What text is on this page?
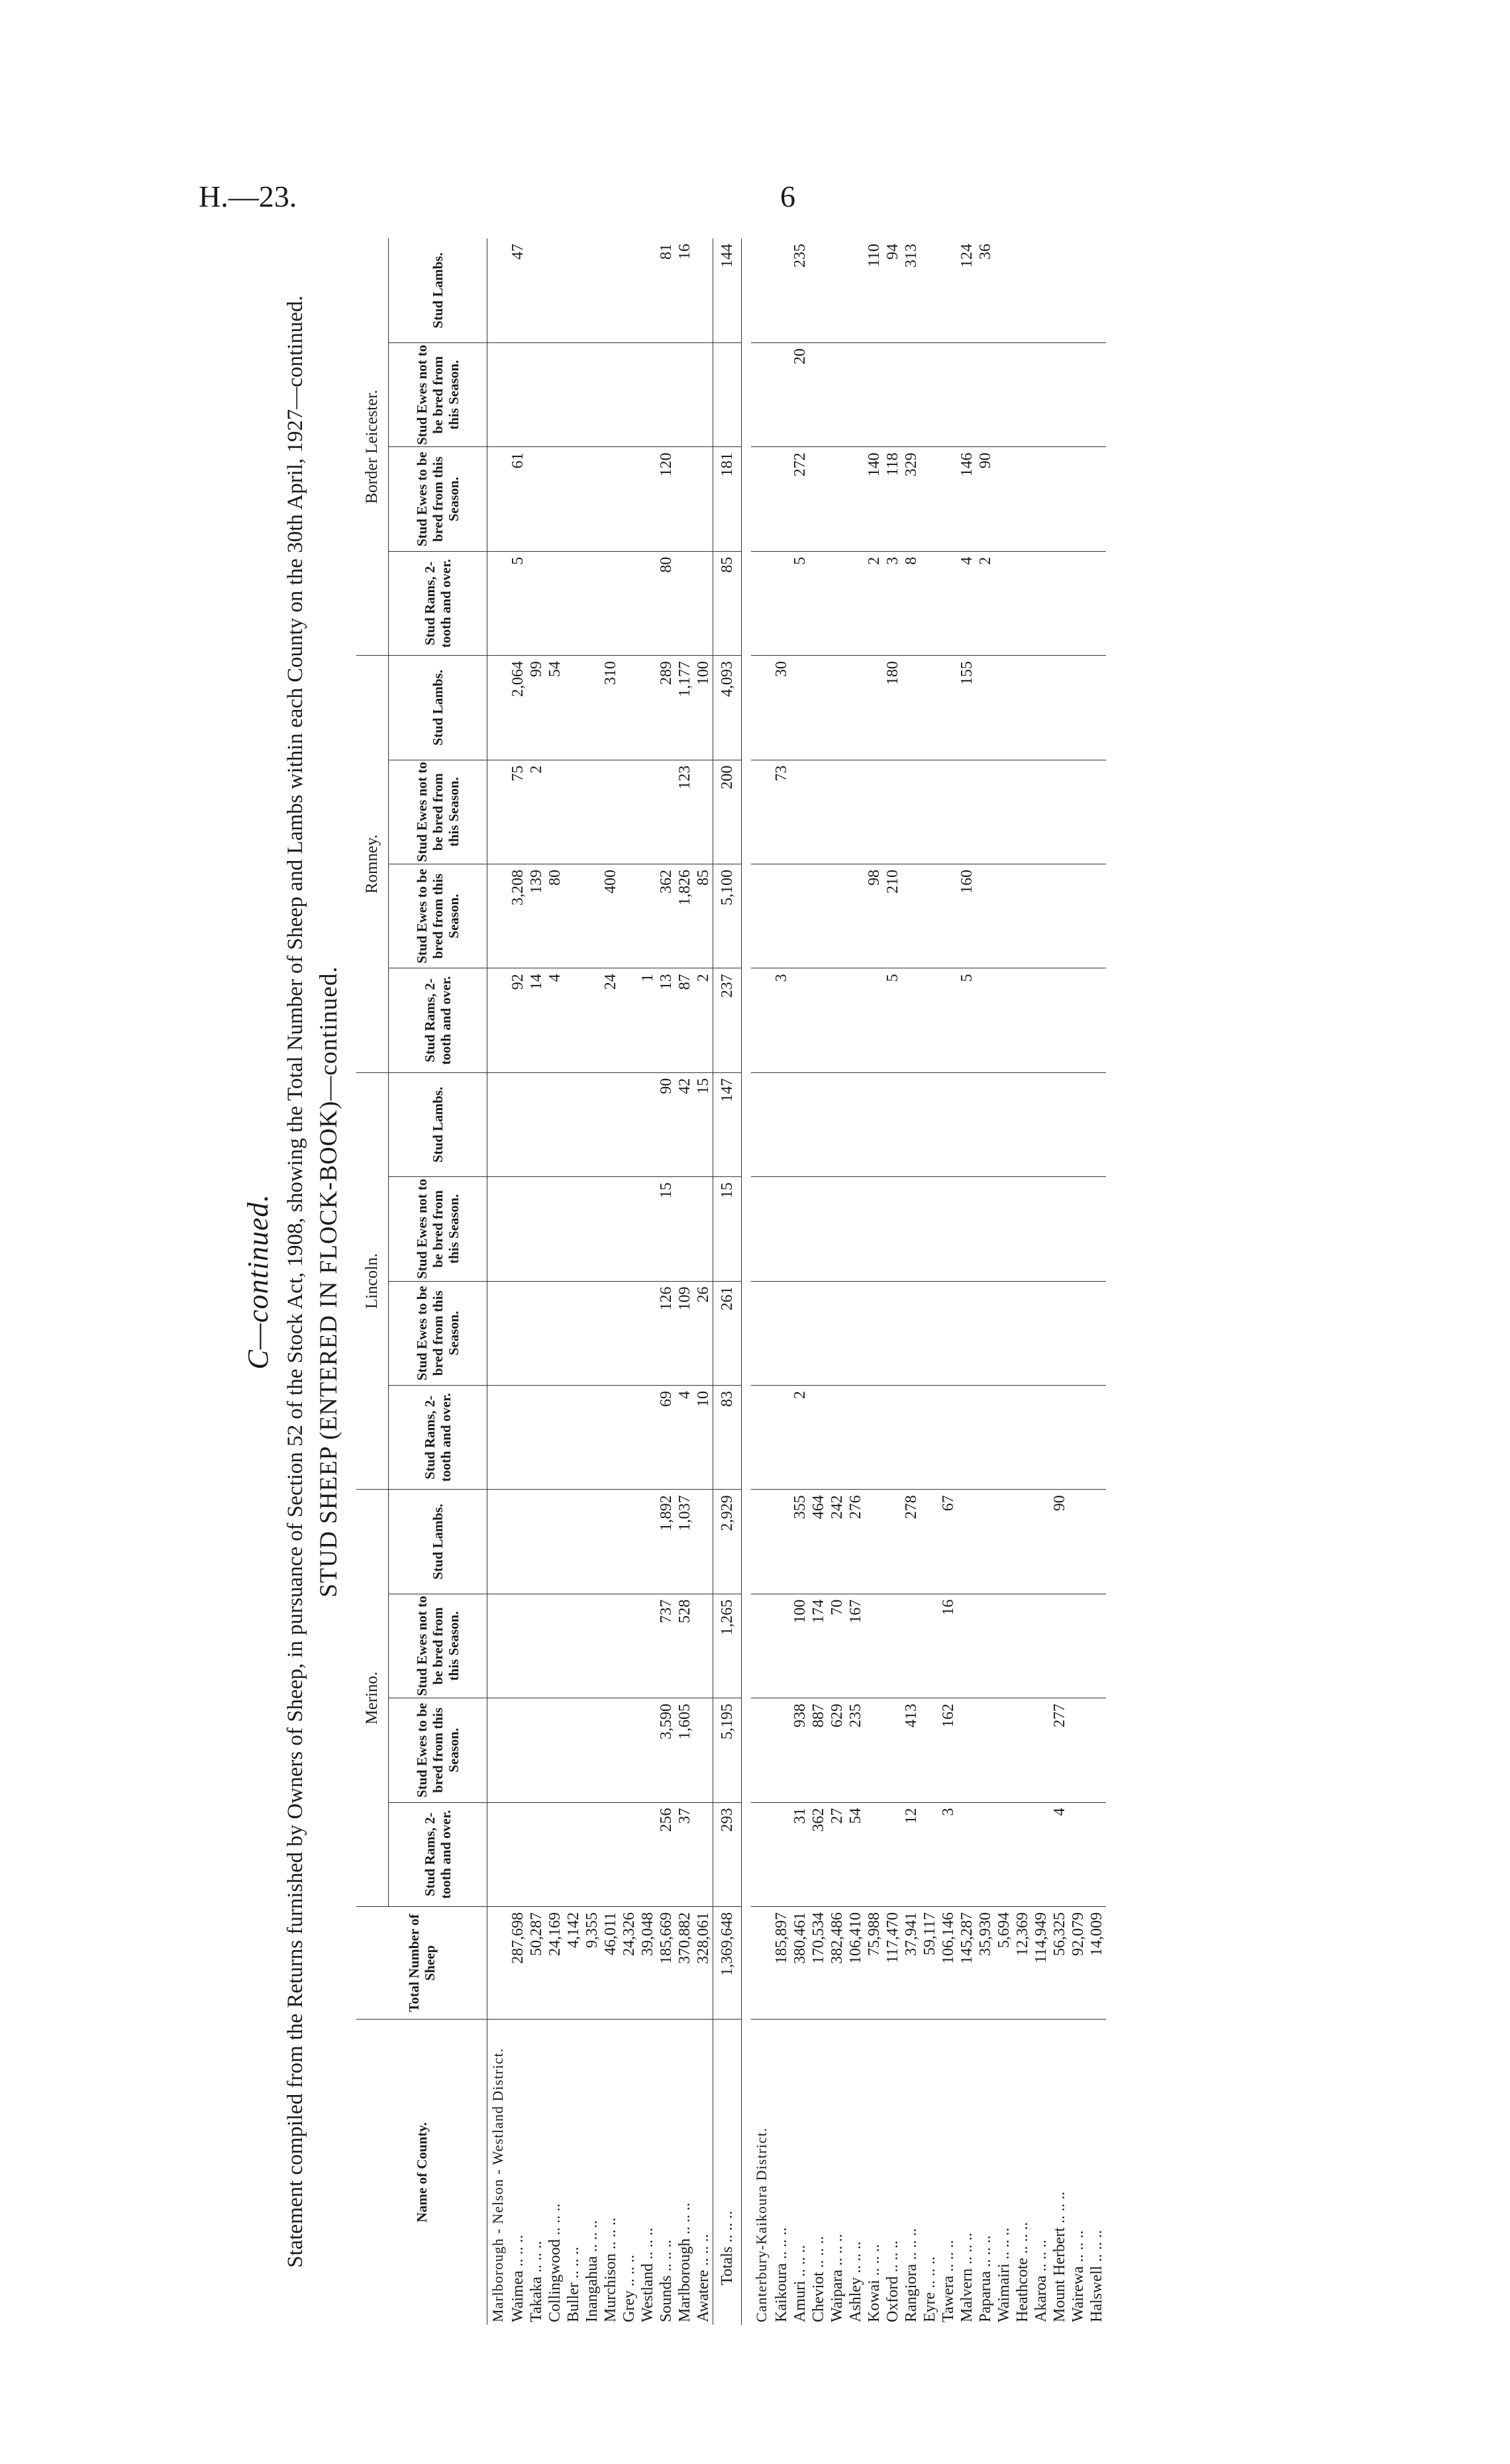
H.—23.	6
C—continued. Statement compiled from the Returns furnished by Owners of Sheep, in pursuance of Section 52 of the Stock Act, 1908, showing the Total Number of Sheep and Lambs within each County on the 30th April, 1927—continued. STUD SHEEP (ENTERED IN FLOCK-BOOK)—continued.
Name of County.	Total Number of Sheep	Merino.				Lincoln.				Romney.				Border Leicester.			
		Stud Rams, 2-tooth and over.	Stud Ewes to be bred from this Season.	Stud Ewes not to be bred from this Season.	Stud Lambs.	Stud Rams, 2-tooth and over.	Stud Ewes to be bred from this Season.	Stud Ewes not to be bred from this Season.	Stud Lambs.	Stud Rams, 2-tooth and over.	Stud Ewes to be bred from this Season.	Stud Ewes not to be bred from this Season.	Stud Lambs.	Stud Rams, 2-tooth and over.	Stud Ewes to be bred from this Season.	Stud Ewes not to be bred from this Season.	Stud Lambs.
Marlborough - Nelson - Westland District.																	
Waimea .. ..	287,698									92	3,208	75	2,064	5	61		47
Takaka .. ..	50,287									14	139	2	99				
Collingwood .. ..	24,169									4	80		54				
Buller .. ..	4,142																
Inangahua .. ..	9,355																
Murchison .. ..	46,011									24	400		310				
Grey .. ..	24,326																
Westland .. ..	39,048									1							
Sounds .. ..	185,669	256	3,590	737	1,892	69	126	15	90	13	362		289	80	120		81
Marlborough .. ..	370,882	37	1,605	528	1,037	4	109		42	87	1,826	123	1,177				16
Awatere .. ..	328,061					10	26		15	2	85		100				
Totals .. ..	1,369,648	293	5,195	1,265	2,929	83	261	15	147	237	5,100	200	4,093	85	181		144

Canterbury-Kaikoura District.																	
Kaikoura .. ..	185,897									3		73	30				
Amuri .. ..	380,461	31	938	100	355	2								5	272	20	235
Cheviot .. ..	170,534	362	887	174	464												
Waipara .. ..	382,486	27	629	70	242												
Ashley .. ..	106,410	54	235	167	276												
Kowai .. ..	75,988										98			2	140		110
Oxford .. ..	117,470									5	210		180	3	118		94
Rangiora .. ..	37,941	12	413		278									8	329		313
Eyre .. ..	59,117																
Tawera .. ..	106,146	3	162	16	67												
Malvern .. ..	145,287									5	160		155	4	146		124
Paparua .. ..	35,930													2	90		36
Waimairi .. ..	5,694																
Heathcote .. ..	12,369																
Akaroa .. ..	114,949																
Mount Herbert .. ..	56,325	4	277		90												
Wairewa .. ..	92,079																
Halswell .. ..	14,009																
